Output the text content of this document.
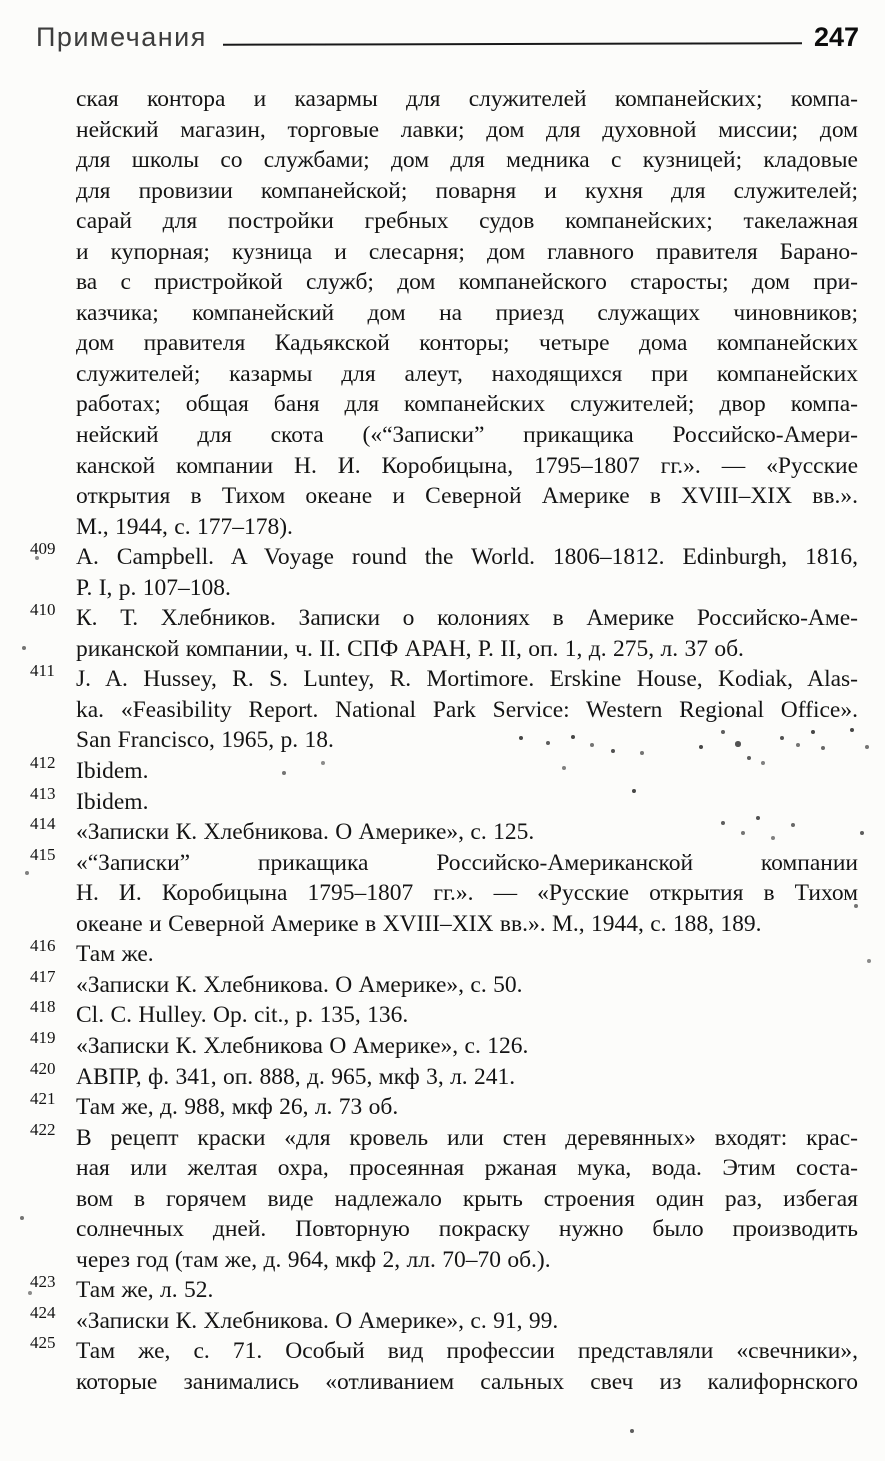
Примечания	247
ская контора и казармы для служителей компанейских; компа-
нейский магазин, торговые лавки; дом для духовной миссии; дом
для школы со службами; дом для медника с кузницей; кладовые
для провизии компанейской; поварня и кухня для служителей;
сарай для постройки гребных судов компанейских; такелажная
и купорная; кузница и слесарня; дом главного правителя Барано-
ва с пристройкой служб; дом компанейского старосты; дом при-
казчика; компанейский дом на приезд служащих чиновников;
дом правителя Кадьякской конторы; четыре дома компанейских
служителей; казармы для алеут, находящихся при компанейских
работах; общая баня для компанейских служителей; двор компа-
нейский для скота («“Записки” прикащика Российско-Амери-
канской компании Н. И. Коробицына, 1795–1807 гг.». — «Русские
открытия в Тихом океане и Северной Америке в XVIII–XIX вв.».
М., 1944, с. 177–178).
409 A. Campbell. A Voyage round the World. 1806–1812. Edinburgh, 1816,
P. I, p. 107–108.
410 К. Т. Хлебников. Записки о колониях в Америке Российско-Аме-
риканской компании, ч. II. СПФ АРАН, Р. II, оп. 1, д. 275, л. 37 об.
411 J. A. Hussey, R. S. Luntey, R. Mortimore. Erskine House, Kodiak, Alas-
ka. «Feasibility Report. National Park Service: Western Regional Office».
San Francisco, 1965, p. 18.
412 Ibidem.
413 Ibidem.
414 «Записки К. Хлебникова. О Америке», с. 125.
415 «“Записки” прикащика Российско-Американской компании
Н. И. Коробицына 1795–1807 гг.». — «Русские открытия в Тихом
океане и Северной Америке в XVIII–XIX вв.». М., 1944, с. 188, 189.
416 Там же.
417 «Записки К. Хлебникова. О Америке», с. 50.
418 Cl. C. Hulley. Op. cit., p. 135, 136.
419 «Записки К. Хлебникова О Америке», с. 126.
420 АВПР, ф. 341, оп. 888, д. 965, мкф 3, л. 241.
421 Там же, д. 988, мкф 26, л. 73 об.
422 В рецепт краски «для кровель или стен деревянных» входят: крас-
ная или желтая охра, просеянная ржаная мука, вода. Этим соста-
вом в горячем виде надлежало крыть строения один раз, избегая
солнечных дней. Повторную покраску нужно было производить
через год (там же, д. 964, мкф 2, лл. 70–70 об.).
423 Там же, л. 52.
424 «Записки К. Хлебникова. О Америке», с. 91, 99.
425 Там же, с. 71. Особый вид профессии представляли «свечники»,
которые занимались «отливанием сальных свеч из калифорнского
